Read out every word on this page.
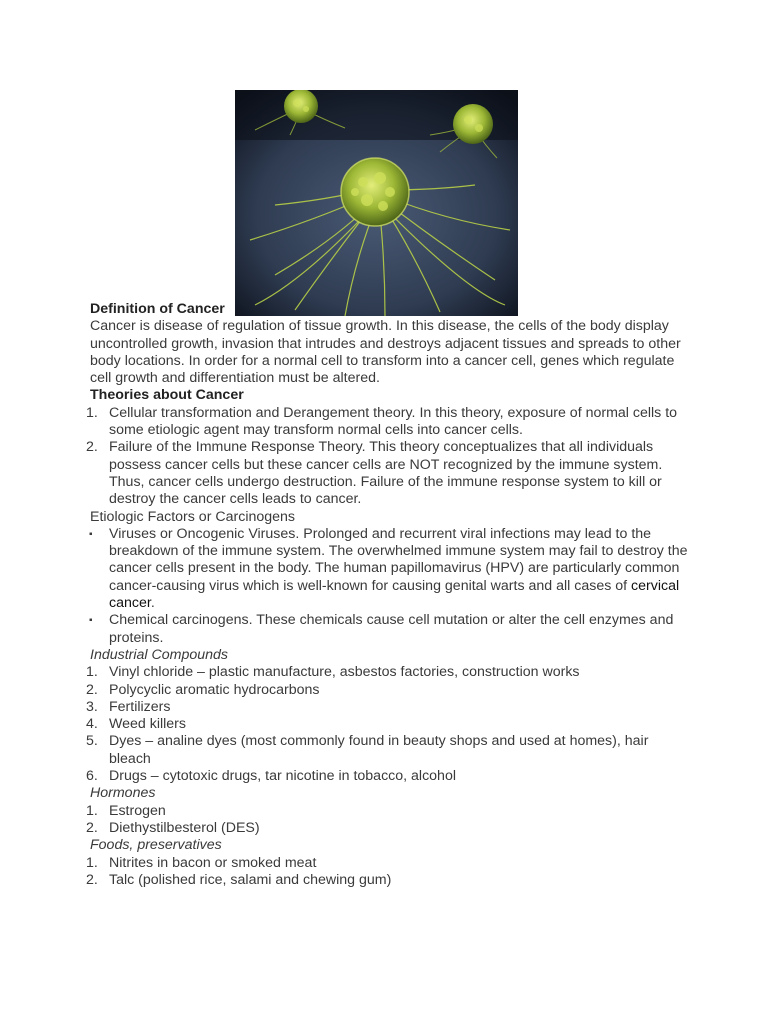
Definition of Cancer

Cancer is disease of regulation of tissue growth. In this disease, the cells of the body display uncontrolled growth, invasion that intrudes and destroys adjacent tissues and spreads to other body locations. In order for a normal cell to transform into a cancer cell, genes which regulate cell growth and differentiation must be altered.

Theories about Cancer

1. Cellular transformation and Derangement theory. In this theory, exposure of normal cells to some etiologic agent may transform normal cells into cancer cells.
2. Failure of the Immune Response Theory. This theory conceptualizes that all individuals possess cancer cells but these cancer cells are NOT recognized by the immune system. Thus, cancer cells undergo destruction. Failure of the immune response system to kill or destroy the cancer cells leads to cancer.

Etiologic Factors or Carcinogens

▪ Viruses or Oncogenic Viruses. Prolonged and recurrent viral infections may lead to the breakdown of the immune system. The overwhelmed immune system may fail to destroy the cancer cells present in the body. The human papillomavirus (HPV) are particularly common cancer-causing virus which is well-known for causing genital warts and all cases of cervical cancer.
▪ Chemical carcinogens. These chemicals cause cell mutation or alter the cell enzymes and proteins.

Industrial Compounds

1. Vinyl chloride – plastic manufacture, asbestos factories, construction works
2. Polycyclic aromatic hydrocarbons
3. Fertilizers
4. Weed killers
5. Dyes – analine dyes (most commonly found in beauty shops and used at homes), hair bleach
6. Drugs – cytotoxic drugs, tar nicotine in tobacco, alcohol

Hormones

1. Estrogen
2. Diethystilbesterol (DES)

Foods, preservatives

1. Nitrites in bacon or smoked meat
2. Talc (polished rice, salami and chewing gum)
